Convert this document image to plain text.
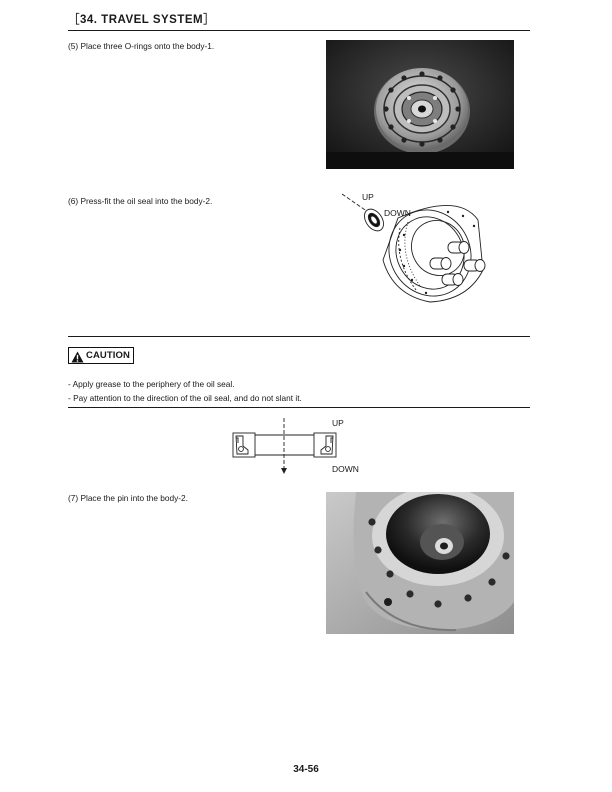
［34. TRAVEL SYSTEM］
(5) Place three O-rings onto the body-1.
(6) Press-fit the oil seal into the body-2.	UP
DOWN
CAUTION
- Apply grease to the periphery of the oil seal.
- Pay attention to the direction of the oil seal, and do not slant it.
UP
DOWN
(7) Place the pin into the body-2.
34-56
